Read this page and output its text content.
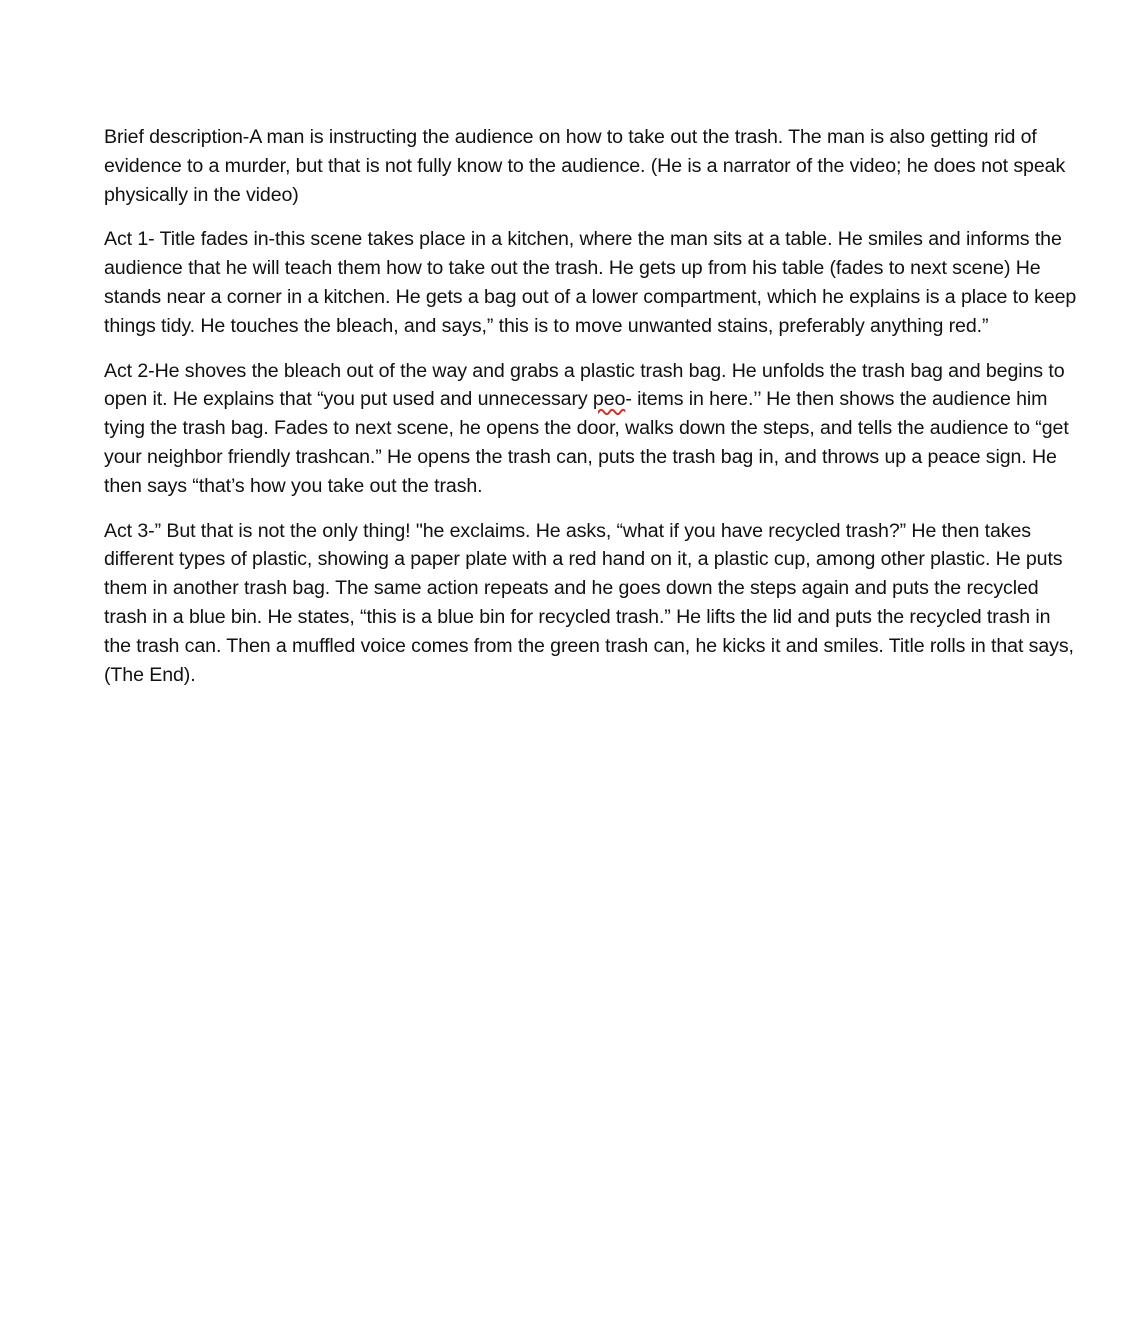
Brief description-A man is instructing the audience on how to take out the trash. The man is also getting rid of evidence to a murder, but that is not fully know to the audience. (He is a narrator of the video; he does not speak physically in the video)

Act 1- Title fades in-this scene takes place in a kitchen, where the man sits at a table. He smiles and informs the audience that he will teach them how to take out the trash. He gets up from his table (fades to next scene) He stands near a corner in a kitchen. He gets a bag out of a lower compartment, which he explains is a place to keep things tidy. He touches the bleach, and says,” this is to move unwanted stains, preferably anything red.”

Act 2-He shoves the bleach out of the way and grabs a plastic trash bag. He unfolds the trash bag and begins to open it. He explains that “you put used and unnecessary peo- items in here.’’ He then shows the audience him tying the trash bag. Fades to next scene, he opens the door, walks down the steps, and tells the audience to “get your neighbor friendly trashcan.” He opens the trash can, puts the trash bag in, and throws up a peace sign. He then says “that’s how you take out the trash.

Act 3-” But that is not the only thing! "he exclaims. He asks, “what if you have recycled trash?” He then takes different types of plastic, showing a paper plate with a red hand on it, a plastic cup, among other plastic. He puts them in another trash bag. The same action repeats and he goes down the steps again and puts the recycled trash in a blue bin. He states, “this is a blue bin for recycled trash.” He lifts the lid and puts the recycled trash in the trash can. Then a muffled voice comes from the green trash can, he kicks it and smiles. Title rolls in that says, (The End).
